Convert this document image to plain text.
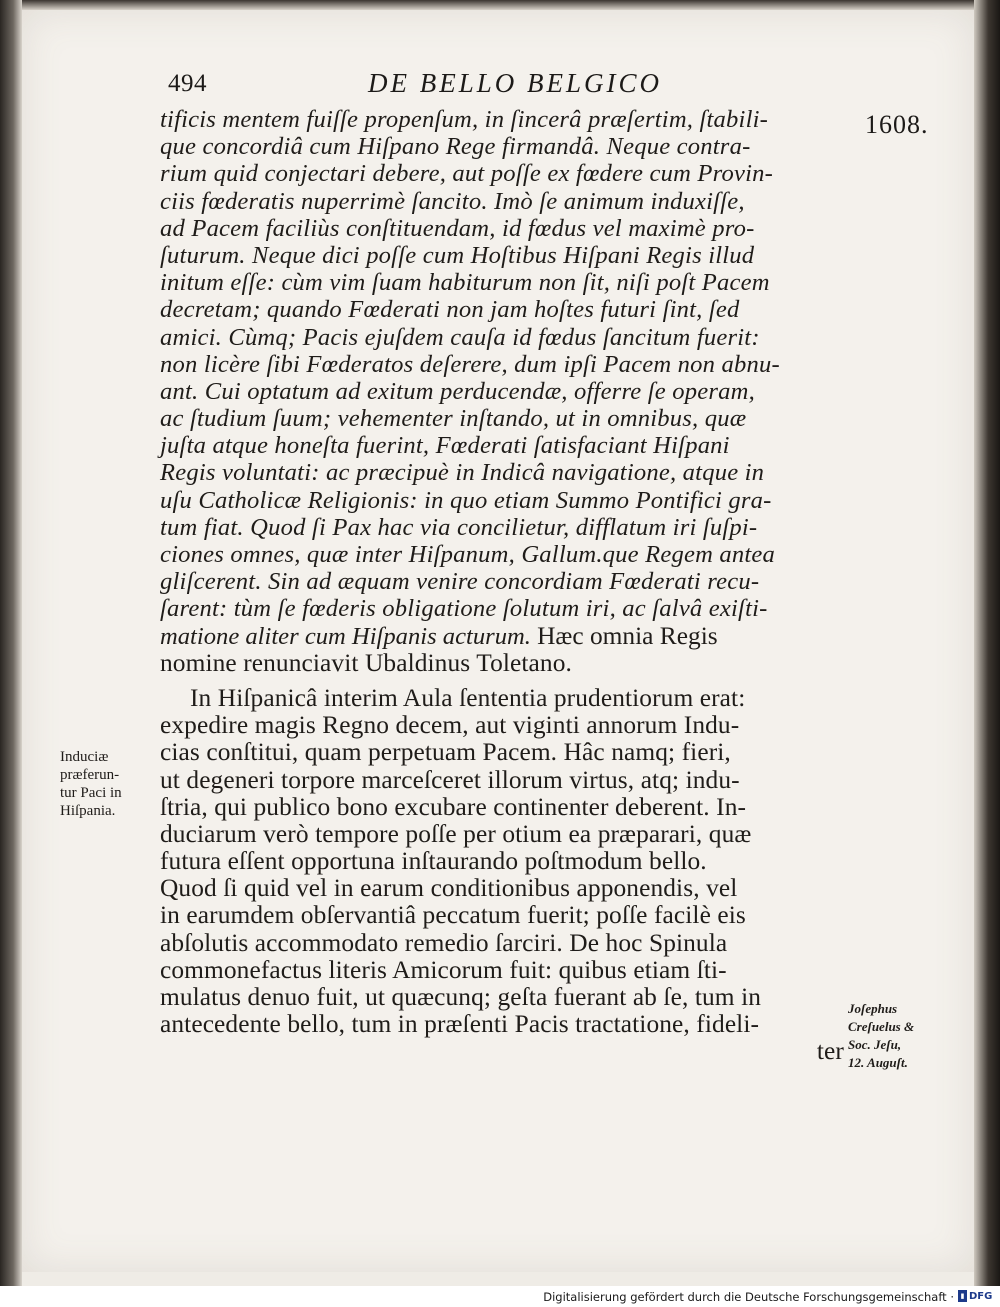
494	DE BELLO BELGICO
1608.
tificis mentem fuiſſe propenſum, in ſincerâ præſertim, ſtabili-
que concordiâ cum Hiſpano Rege firmandâ. Neque contra-
rium quid conjectari debere, aut poſſe ex fœdere cum Provin-
ciis fœderatis nuperrimè ſancito. Imò ſe animum induxiſſe,
ad Pacem faciliùs conſtituendam, id fœdus vel maximè pro-
ſuturum. Neque dici poſſe cum Hoſtibus Hiſpani Regis illud
initum eſſe: cùm vim ſuam habiturum non ſit, niſi poſt Pacem
decretam; quando Fœderati non jam hoſtes futuri ſint, ſed
amici. Cùmq; Pacis ejuſdem cauſa id fœdus ſancitum fuerit:
non licère ſibi Fœderatos deſerere, dum ipſi Pacem non abnu-
ant. Cui optatum ad exitum perducendæ, offerre ſe operam,
ac ſtudium ſuum; vehementer inſtando, ut in omnibus, quæ
juſta atque honeſta fuerint, Fœderati ſatisfaciant Hiſpani
Regis voluntati: ac præcipuè in Indicâ navigatione, atque in
uſu Catholicæ Religionis: in quo etiam Summo Pontifici gra-
tum fiat. Quod ſi Pax hac via concilietur, difflatum iri ſuſpi-
ciones omnes, quæ inter Hiſpanum, Gallum.que Regem antea
gliſcerent. Sin ad æquam venire concordiam Fœderati recu-
ſarent: tùm ſe fœderis obligatione ſolutum iri, ac ſalvâ exiſti-
matione aliter cum Hiſpanis acturum. Hæc omnia Regis
nomine renunciavit Ubaldinus Toletano.
In Hiſpanicâ interim Aula ſententia prudentiorum erat:
expedire magis Regno decem, aut viginti annorum Indu-
cias conſtitui, quam perpetuam Pacem. Hâc namq; fieri,
ut degeneri torpore marceſceret illorum virtus, atq; indu-
ſtria, qui publico bono excubare continenter deberent. In-
duciarum verò tempore poſſe per otium ea præparari, quæ
futura eſſent opportuna inſtaurando poſtmodum bello.
Quod ſi quid vel in earum conditionibus apponendis, vel
in earumdem obſervantiâ peccatum fuerit; poſſe facilè eis
abſolutis accommodato remedio ſarciri. De hoc Spinula
commonefactus literis Amicorum fuit: quibus etiam ſti-
mulatus denuo fuit, ut quæcunq; geſta fuerant ab ſe, tum in
antecedente bello, tum in præſenti Pacis tractatione, fideli-
ter
Induciæ
præferun-
tur Paci in
Hiſpania.
Joſephus
Creſuelus &
Soc. Jeſu,
12. Auguſt.
Digitalisierung gefördert durch die Deutsche Forschungsgemeinschaft · ▮ DFG
